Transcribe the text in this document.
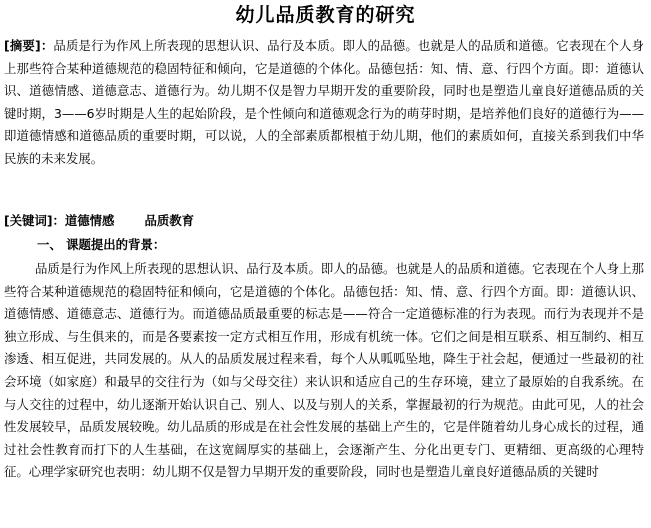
幼儿品质教育的研究
[摘要]：品质是行为作风上所表现的思想认识、品行及本质。即人的品德。也就是人的品质和道德。它表现在个人身上那些符合某种道德规范的稳固特征和倾向，它是道德的个体化。品德包括：知、情、意、行四个方面。即：道德认识、道德情感、道德意志、道德行为。幼儿期不仅是智力早期开发的重要阶段，同时也是塑造儿童良好道德品质的关键时期，3——6岁时期是人生的起始阶段，是个性倾向和道德观念行为的萌芽时期，是培养他们良好的道德行为——即道德情感和道德品质的重要时期，可以说，人的全部素质都根植于幼儿期，他们的素质如何，直接关系到我们中华民族的未来发展。
[关键词]：道德情感 品质教育
一、 课题提出的背景：
品质是行为作风上所表现的思想认识、品行及本质。即人的品德。也就是人的品质和道德。它表现在个人身上那些符合某种道德规范的稳固特征和倾向，它是道德的个体化。品德包括：知、情、意、行四个方面。即：道德认识、道德情感、道德意志、道德行为。而道德品质最重要的标志是——符合一定道德标准的行为表现。而行为表现并不是独立形成、与生俱来的，而是各要素按一定方式相互作用，形成有机统一体。它们之间是相互联系、相互制约、相互渗透、相互促进，共同发展的。从人的品质发展过程来看，每个人从呱呱坠地，降生于社会起，便通过一些最初的社会环境（如家庭）和最早的交往行为（如与父母交往）来认识和适应自己的生存环境，建立了最原始的自我系统。在与人交往的过程中，幼儿逐渐开始认识自己、别人、以及与别人的关系，掌握最初的行为规范。由此可见，人的社会性发展较早，品质发展较晚。幼儿品质的形成是在社会性发展的基础上产生的，它是伴随着幼儿身心成长的过程，通过社会性教育而打下的人生基础，在这宽阔厚实的基础上，会逐渐产生、分化出更专门、更精细、更高级的心理特征。心理学家研究也表明：幼儿期不仅是智力早期开发的重要阶段，同时也是塑造儿童良好道德品质的关键时
